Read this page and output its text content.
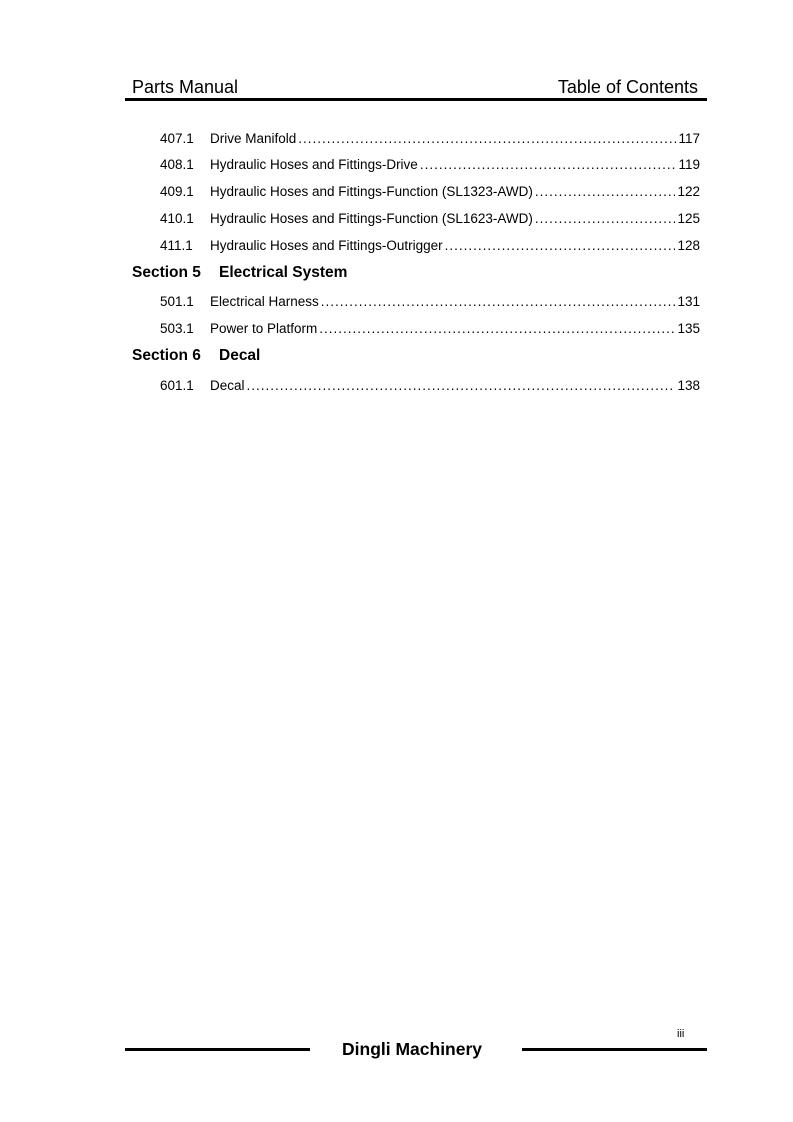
Parts Manual	Table of Contents
407.1	Drive Manifold .....	117
408.1	Hydraulic Hoses and Fittings-Drive .....	119
409.1	Hydraulic Hoses and Fittings-Function (SL1323-AWD) .....	122
410.1	Hydraulic Hoses and Fittings-Function (SL1623-AWD) .....	125
411.1	Hydraulic Hoses and Fittings-Outrigger .....	128
Section 5 Electrical System
501.1	Electrical Harness .....	131
503.1	Power to Platform .....	135
Section 6 Decal
601.1	Decal .....	138
iii
Dingli Machinery
